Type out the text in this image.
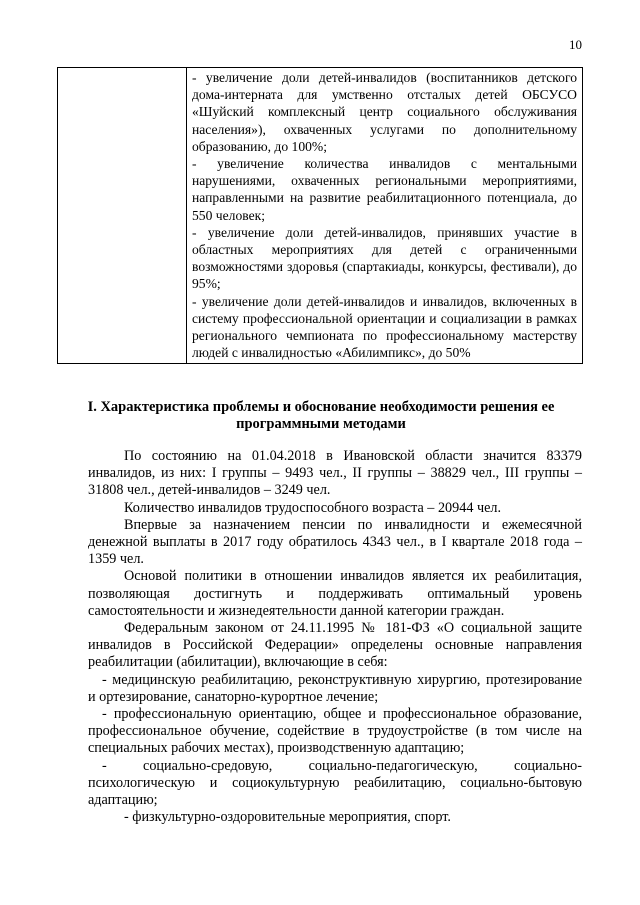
10

- увеличение доли детей-инвалидов (воспитанников детского дома-интерната для умственно отсталых детей ОБСУСО «Шуйский комплексный центр социального обслуживания населения»), охваченных услугами по дополнительному образованию, до 100%;

- увеличение количества инвалидов с ментальными нарушениями, охваченных региональными мероприятиями, направленными на развитие реабилитационного потенциала, до 550 человек;

- увеличение доли детей-инвалидов, принявших участие в областных мероприятиях для детей с ограниченными возможностями здоровья (спартакиады, конкурсы, фестивали), до 95%;

- увеличение доли детей-инвалидов и инвалидов, включенных в систему профессиональной ориентации и социализации в рамках регионального чемпионата по профессиональному мастерству людей с инвалидностью «Абилимпикс», до 50%

I. Характеристика проблемы и обоснование необходимости решения ее программными методами

По состоянию на 01.04.2018 в Ивановской области значится 83379 инвалидов, из них: I группы – 9493 чел., II группы – 38829 чел., III группы – 31808 чел., детей-инвалидов – 3249 чел.

Количество инвалидов трудоспособного возраста – 20944 чел.

Впервые за назначением пенсии по инвалидности и ежемесячной денежной выплаты в 2017 году обратилось 4343 чел., в I квартале 2018 года – 1359 чел.

Основой политики в отношении инвалидов является их реабилитация, позволяющая достигнуть и поддерживать оптимальный уровень самостоятельности и жизнедеятельности данной категории граждан.

Федеральным законом от 24.11.1995 № 181-ФЗ «О социальной защите инвалидов в Российской Федерации» определены основные направления реабилитации (абилитации), включающие в себя:

- медицинскую реабилитацию, реконструктивную хирургию, протезирование и ортезирование, санаторно-курортное лечение;

- профессиональную ориентацию, общее и профессиональное образование, профессиональное обучение, содействие в трудоустройстве (в том числе на специальных рабочих местах), производственную адаптацию;

- социально-средовую, социально-педагогическую, социально-психологическую и социокультурную реабилитацию, социально-бытовую адаптацию;

- физкультурно-оздоровительные мероприятия, спорт.
